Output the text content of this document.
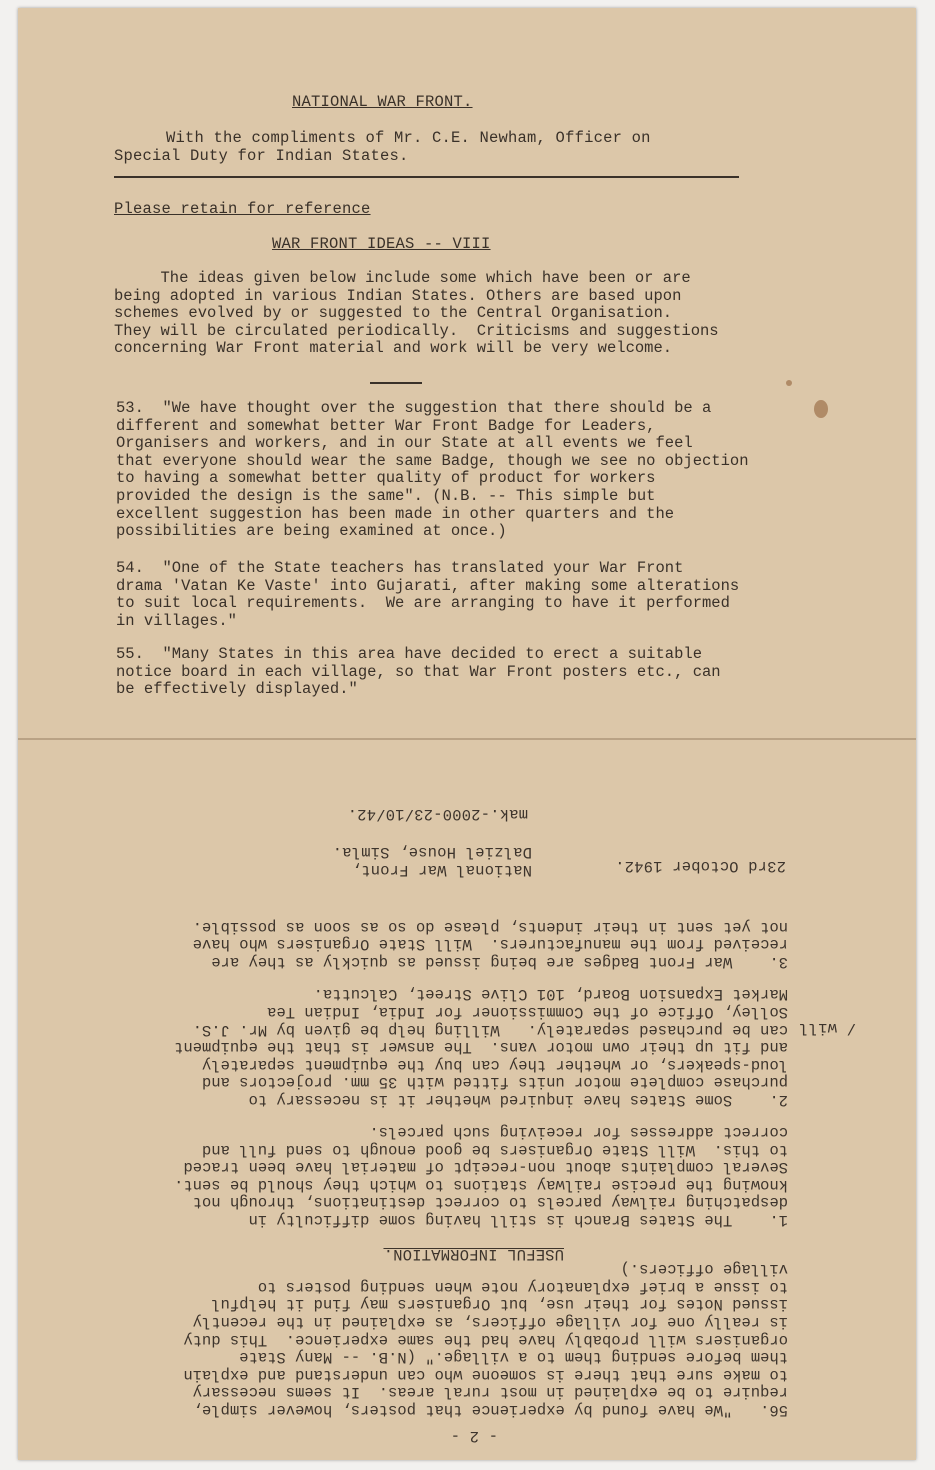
NATIONAL WAR FRONT.
With the compliments of Mr. C.E. Newham, Officer on
Special Duty for Indian States.
Please retain for reference
WAR FRONT IDEAS -- VIII
The ideas given below include some which have been or are
being adopted in various Indian States. Others are based upon
schemes evolved by or suggested to the Central Organisation.
They will be circulated periodically.  Criticisms and suggestions
concerning War Front material and work will be very welcome.
53.  "We have thought over the suggestion that there should be a
different and somewhat better War Front Badge for Leaders,
Organisers and workers, and in our State at all events we feel
that everyone should wear the same Badge, though we see no objection
to having a somewhat better quality of product for workers
provided the design is the same". (N.B. -- This simple but
excellent suggestion has been made in other quarters and the
possibilities are being examined at once.)
54.  "One of the State teachers has translated your War Front
drama 'Vatan Ke Vaste' into Gujarati, after making some alterations
to suit local requirements.  We are arranging to have it performed
in villages."
55.  "Many States in this area have decided to erect a suitable
notice board in each village, so that War Front posters etc., can
be effectively displayed."
- 2 -
56.   "We have found by experience that posters, however simple,
require to be explained in most rural areas.  It seems necessary
to make sure that there is someone who can understand and explain
them before sending them to a village." (N.B. -- Many State
organisers will probably have had the same experience.  This duty
is really one for village officers, as explained in the recently
issued Notes for their use, but Organisers may find it helpful
to issue a brief explanatory note when sending posters to
village officers.)
USEFUL INFORMATION.
1.    The States Branch is still having some difficulty in
despatching railway parcels to correct destinations, through not
knowing the precise railway stations to which they should be sent.
Several complaints about non-receipt of material have been traced
to this.  Will State Organisers be good enough to send full and
correct addresses for receiving such parcels.
2.    Some States have inquired whether it is necessary to
purchase complete motor units fitted with 35 mm. projectors and
loud-speakers, or whether they can buy the equipment separately
and fit up their own motor vans.  The answer is that the equipment
can be purchased separately.   Willing help be given by Mr. J.S.
Solley, Office of the Commissioner for India, Indian Tea
Market Expansion Board, 101 Clive Street, Calcutta.
/ will
3.    War Front Badges are being issued as quickly as they are
received from the manufacturers.  Will State Organisers who have
not yet sent in their indents, please do so as soon as possible.
National War Front,
Dalziel House, Simla.
23rd October 1942.
mak.-2000-23/10/42.
